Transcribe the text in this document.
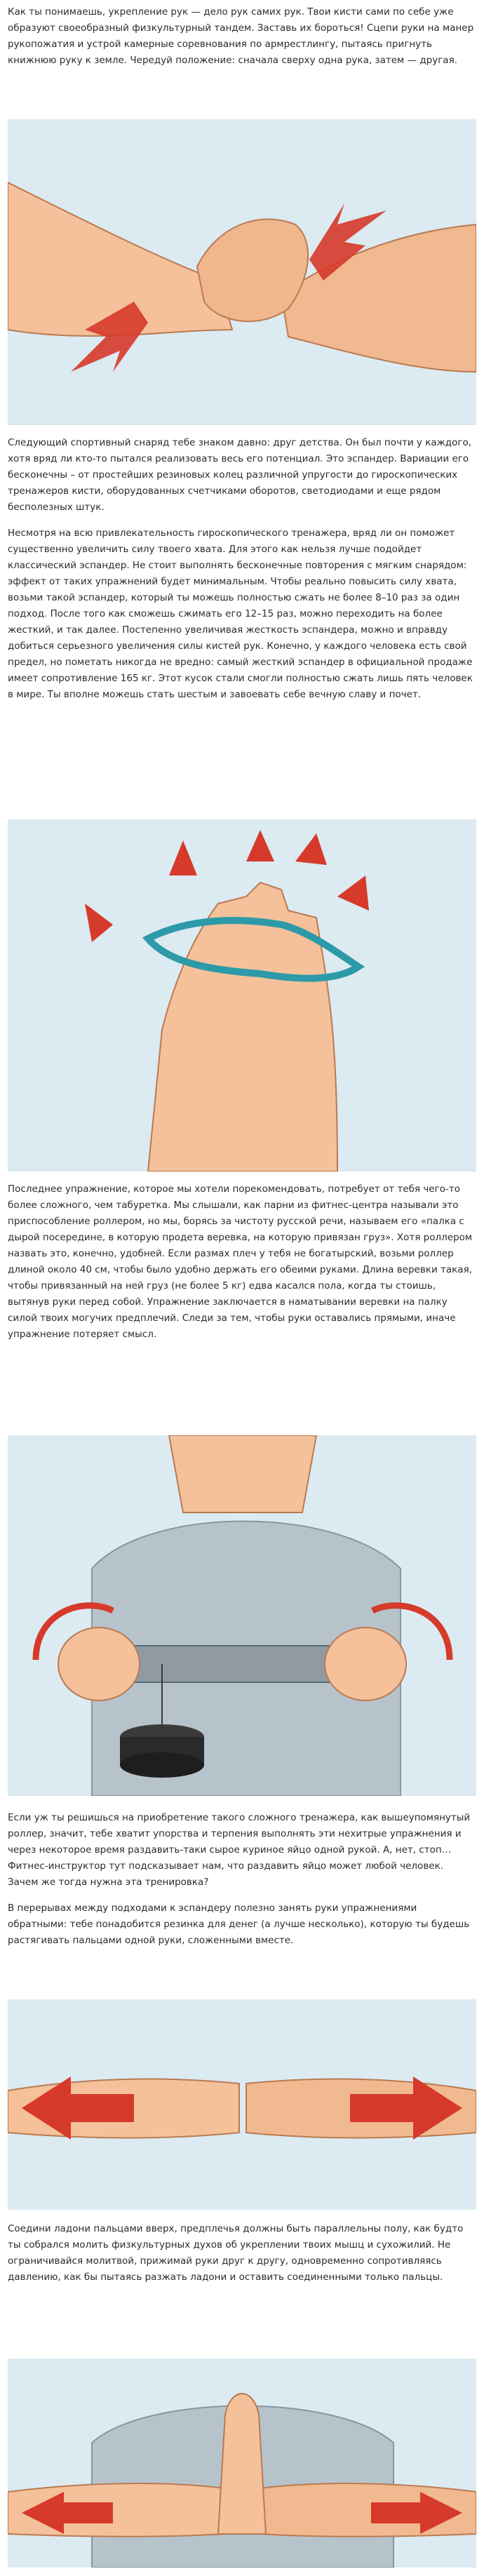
Как ты понимаешь, укрепление рук — дело рук самих рук. Твои кисти сами по себе уже образуют своеобразный физкультурный тандем. Заставь их бороться! Сцепи руки на манер рукопожатия и устрой камерные соревнования по армрестлингу, пытаясь пригнуть книжнюю руку к земле. Чередуй положение: сначала сверху одна рука, затем — другая.

Следующий спортивный снаряд тебе знаком давно: друг детства. Он был почти у каждого, хотя вряд ли кто-то пытался реализовать весь его потенциал. Это эспандер. Вариации его бесконечны – от простейших резиновых колец различной упругости до гироскопических тренажеров кисти, оборудованных счетчиками оборотов, светодиодами и еще рядом бесполезных штук.

Несмотря на всю привлекательность гироскопического тренажера, вряд ли он поможет существенно увеличить силу твоего хвата. Для этого как нельзя лучше подойдет классический эспандер. Не стоит выполнять бесконечные повторения с мягким снарядом: эффект от таких упражнений будет минимальным. Чтобы реально повысить силу хвата, возьми такой эспандер, который ты можешь полностью сжать не более 8–10 раз за один подход. После того как сможешь сжимать его 12–15 раз, можно переходить на более жесткий, и так далее. Постепенно увеличивая жесткость эспандера, можно и вправду добиться серьезного увеличения силы кистей рук. Конечно, у каждого человека есть свой предел, но пометать никогда не вредно: самый жесткий эспандер в официальной продаже имеет сопротивление 165 кг. Этот кусок стали смогли полностью сжать лишь пять человек в мире. Ты вполне можешь стать шестым и завоевать себе вечную славу и почет.

Последнее упражнение, которое мы хотели порекомендовать, потребует от тебя чего-то более сложного, чем табуретка. Мы слышали, как парни из фитнес-центра называли это приспособление роллером, но мы, борясь за чистоту русской речи, называем его «палка с дырой посередине, в которую продета веревка, на которую привязан груз». Хотя роллером назвать это, конечно, удобней. Если размах плеч у тебя не богатырский, возьми роллер длиной около 40 см, чтобы было удобно держать его обеими руками. Длина веревки такая, чтобы привязанный на ней груз (не более 5 кг) едва касался пола, когда ты стоишь, вытянув руки перед собой. Упражнение заключается в наматывании веревки на палку силой твоих могучих предплечий. Следи за тем, чтобы руки оставались прямыми, иначе упражнение потеряет смысл.

Если уж ты решишься на приобретение такого сложного тренажера, как вышеупомянутый роллер, значит, тебе хватит упорства и терпения выполнять эти нехитрые упражнения и через некоторое время раздавить-таки сырое куриное яйцо одной рукой. А, нет, стоп… Фитнес-инструктор тут подсказывает нам, что раздавить яйцо может любой человек. Зачем же тогда нужна эта тренировка?

В перерывах между подходами к эспандеру полезно занять руки упражнениями обратными: тебе понадобится резинка для денег (а лучше несколько), которую ты будешь растягивать пальцами одной руки, сложенными вместе.

Соедини ладони пальцами вверх, предплечья должны быть параллельны полу, как будто ты собрался молить физкультурных духов об укреплении твоих мышц и сухожилий. Не ограничивайся молитвой, прижимай руки друг к другу, одновременно сопротивляясь давлению, как бы пытаясь разжать ладони и оставить соединенными только пальцы.
